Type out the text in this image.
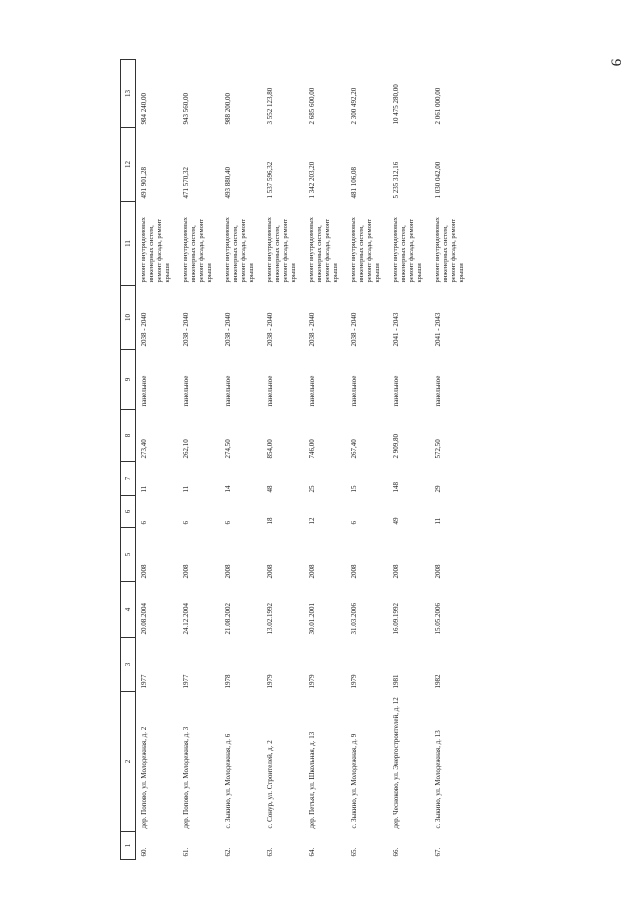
9
1	2	3	4	5	6	7	8	9	10	11	12	13
60.	дер. Попово, ул. Молодежная, д. 2	1977	20.08.2004	2008	6	11	273,40	панельное	2038 - 2040	ремонт внутридомовых инженерных систем, ремонт фасада, ремонт крыши	491 901,28	984 240,00
61.	дер. Попово, ул. Молодежная, д. 3	1977	24.12.2004	2008	6	11	262,10	панельное	2038 - 2040	ремонт внутридомовых инженерных систем, ремонт фасада, ремонт крыши	471 570,32	943 560,00
62.	с. Зыкино, ул. Молодежная, д. 6	1978	21.08.2002	2008	6	14	274,50	панельное	2038 - 2040	ремонт внутридомовых инженерных систем, ремонт фасада, ремонт крыши	493 880,40	988 200,00
63.	с. Сонур, ул. Строителей, д. 2	1979	13.02.1992	2008	18	48	854,00	панельное	2038 - 2040	ремонт внутридомовых инженерных систем, ремонт фасада, ремонт крыши	1 537 596,32	3 552 123,80
64.	дер. Петъял, ул. Школьная, д. 13	1979	30.01.2001	2008	12	25	746,00	панельное	2038 - 2040	ремонт внутридомовых инженерных систем, ремонт фасада, ремонт крыши	1 342 203,20	2 685 600,00
65.	с. Зыкино, ул. Молодежная, д. 9	1979	31.03.2006	2008	6	15	267,40	панельное	2038 - 2040	ремонт внутридомовых инженерных систем, ремонт фасада, ремонт крыши	481 106,08	2 300 492,20
66.	дер. Чесноково, ул. Энергостроителей, д. 12	1981	16.09.1992	2008	49	148	2 909,80	панельное	2041 - 2043	ремонт внутридомовых инженерных систем, ремонт фасада, ремонт крыши	5 235 312,16	10 475 280,00
67.	с. Зыкино, ул. Молодежная, д. 13	1982	15.05.2006	2008	11	29	572,50	панельное	2041 - 2043	ремонт внутридомовых инженерных систем, ремонт фасада, ремонт крыши	1 030 042,00	2 061 000,00
